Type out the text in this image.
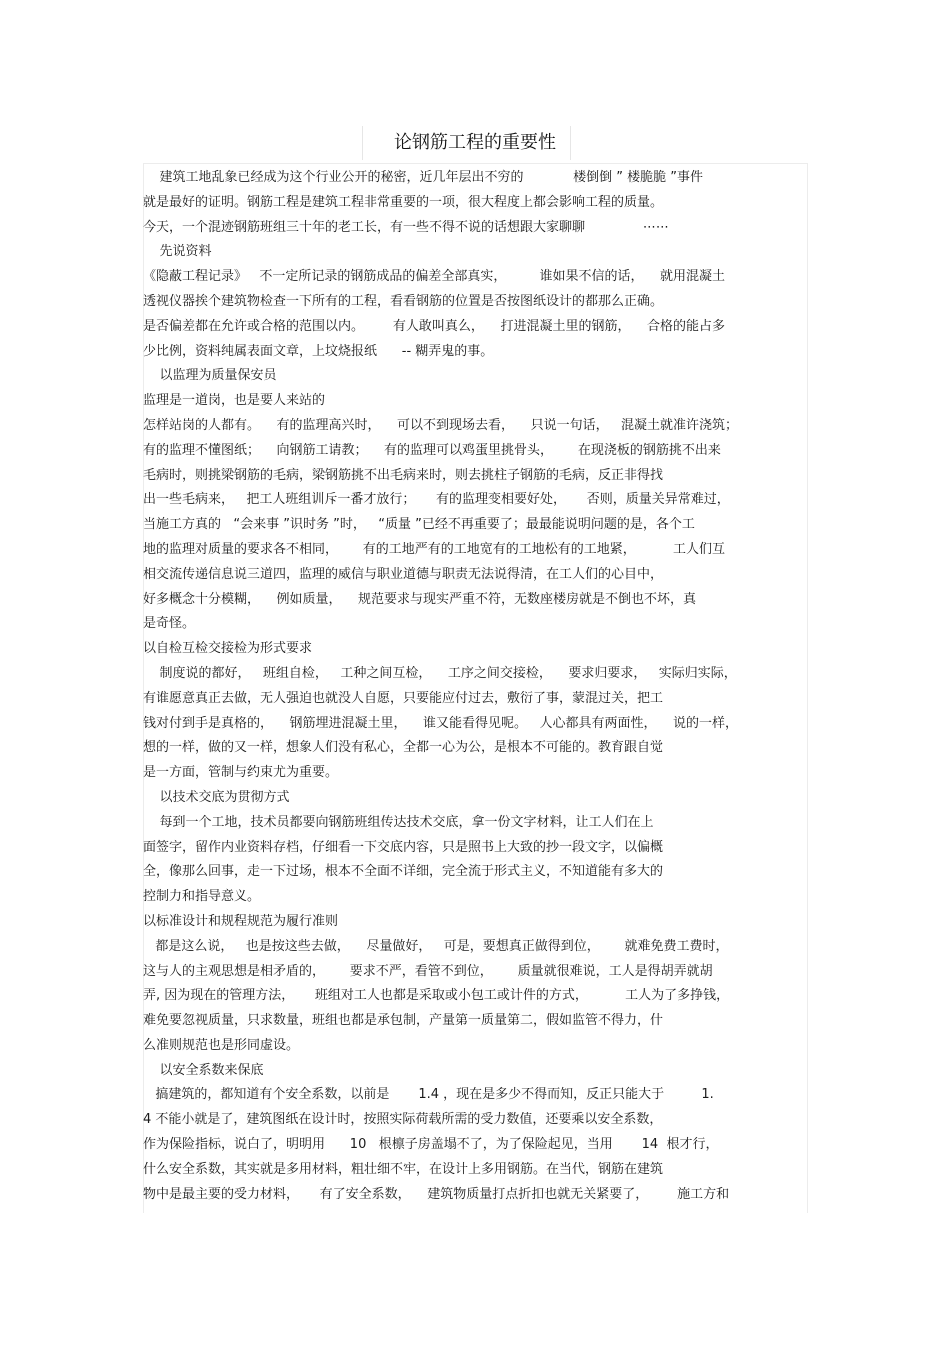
论钢筋工程的重要性
建筑工地乱象已经成为这个行业公开的秘密，近几年层出不穷的            楼倒倒 ” 楼脆脆 ”事件
就是最好的证明。钢筋工程是建筑工程非常重要的一项，很大程度上都会影响工程的质量。
今天，一个混迹钢筋班组三十年的老工长，有一些不得不说的话想跟大家聊聊              ⋯⋯
先说资料
《隐蔽工程记录》   不一定所记录的钢筋成品的偏差全部真实，        谁如果不信的话，    就用混凝土
透视仪器挨个建筑物检查一下所有的工程，看看钢筋的位置是否按图纸设计的都那么正确。
是否偏差都在允许或合格的范围以内。       有人敢叫真么，    打进混凝土里的钢筋，    合格的能占多
少比例，资料纯属表面文章，上坟烧报纸      -- 糊弄鬼的事。
以监理为质量保安员
监理是一道岗，也是要人来站的
怎样站岗的人都有。    有的监理高兴时，    可以不到现场去看，    只说一句话，   混凝土就准许浇筑；
有的监理不懂图纸；    向钢筋工请教；    有的监理可以鸡蛋里挑骨头，      在现浇板的钢筋挑不出来
毛病时，则挑梁钢筋的毛病，梁钢筋挑不出毛病来时，则去挑柱子钢筋的毛病，反正非得找
出一些毛病来，   把工人班组训斥一番才放行；     有的监理变相要好处，     否则，质量关异常难过，
当施工方真的   “会来事 ”识时务 ”时，   “质量 ”已经不再重要了；最最能说明问题的是，各个工
地的监理对质量的要求各不相同，      有的工地严有的工地宽有的工地松有的工地紧，         工人们互
相交流传递信息说三道四，监理的威信与职业道德与职责无法说得清，在工人们的心目中，
好多概念十分模糊，    例如质量，    规范要求与现实严重不符，无数座楼房就是不倒也不坏，真
是奇怪。
以自检互检交接检为形式要求
制度说的都好，   班组自检，   工种之间互检，    工序之间交接检，    要求归要求，   实际归实际，
有谁愿意真正去做，无人强迫也就没人自愿，只要能应付过去，敷衍了事，蒙混过关，把工
钱对付到手是真格的，    钢筋埋进混凝土里，    谁又能看得见呢。   人心都具有两面性，    说的一样，
想的一样，做的又一样，想象人们没有私心，全都一心为公，是根本不可能的。教育跟自觉
是一方面，管制与约束尤为重要。
以技术交底为贯彻方式
每到一个工地，技术员都要向钢筋班组传达技术交底，拿一份文字材料，让工人们在上
面签字，留作内业资料存档，仔细看一下交底内容，只是照书上大致的抄一段文字，以偏概
全，像那么回事，走一下过场，根本不全面不详细，完全流于形式主义，不知道能有多大的
控制力和指导意义。
以标准设计和规程规范为履行准则
都是这么说，   也是按这些去做，    尽量做好，   可是，要想真正做得到位，      就难免费工费时，
这与人的主观思想是相矛盾的，      要求不严，看管不到位，      质量就很难说，工人是得胡弄就胡
弄, 因为现在的管理方法，     班组对工人也都是采取或小包工或计件的方式，         工人为了多挣钱，
难免要忽视质量，只求数量，班组也都是承包制，产量第一质量第二，假如监管不得力，什
么准则规范也是形同虚设。
以安全系数来保底
搞建筑的，都知道有个安全系数，以前是       1.4 ，现在是多少不得而知，反正只能大于         1.
4 不能小就是了，建筑图纸在设计时，按照实际荷载所需的受力数值，还要乘以安全系数，
作为保险指标，说白了，明明用      10   根檩子房盖塌不了，为了保险起见，当用       14  根才行，
什么安全系数，其实就是多用材料，粗壮细不牢，在设计上多用钢筋。在当代，钢筋在建筑
物中是最主要的受力材料，     有了安全系数，    建筑物质量打点折扣也就无关紧要了，       施工方和
